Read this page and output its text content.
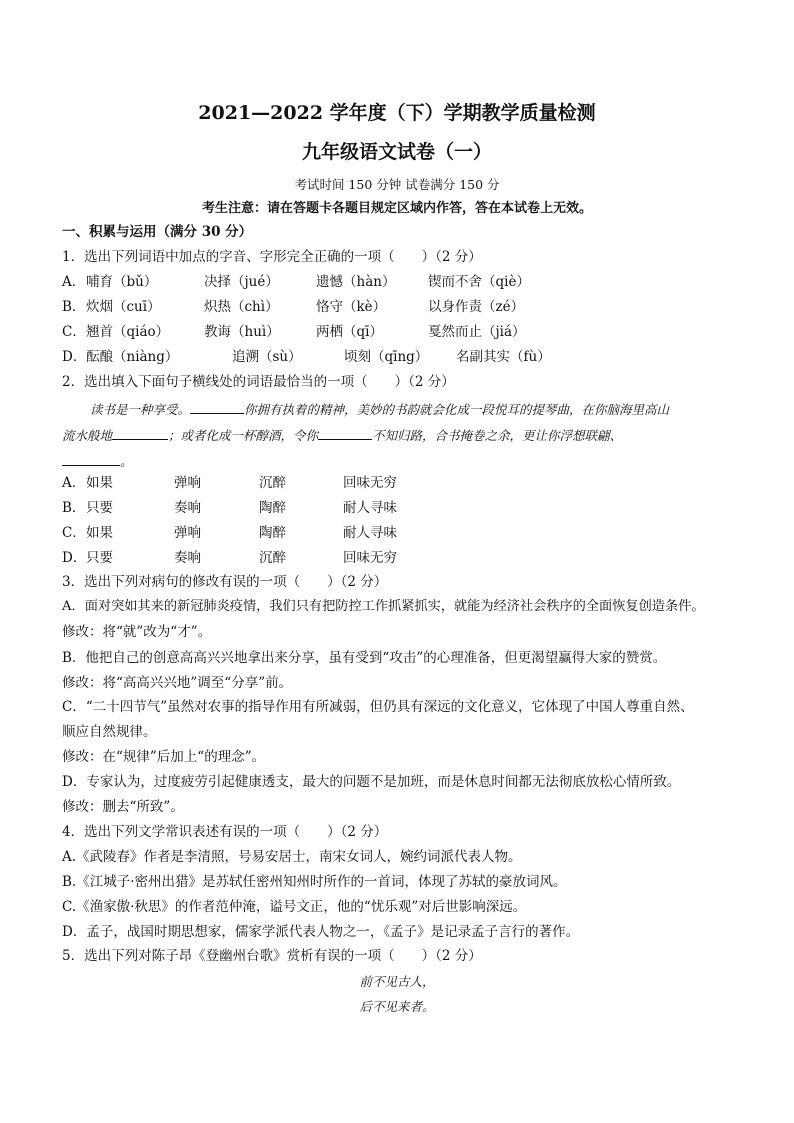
2021—2022 学年度（下）学期教学质量检测
九年级语文试卷（一）
考试时间 150 分钟 试卷满分 150 分
考生注意：请在答题卡各题目规定区域内作答，答在本试卷上无效。
一、积累与运用（满分 30 分）
1．选出下列词语中加点的字音、字形完全正确的一项（　　）（2 分）
A． 哺育（bǔ）	决择（jué）	遗憾（hàn） 锲而不舍（qiè）
B． 炊烟（cuī）	炽热（chì）	恪守（kè）	以身作责（zé）
C． 翘首（qiáo）	教诲（huì）	两栖（qī）	戛然而止（jiá）
D． 酝酿（niàng）	追溯（sù）	顷刻（qīng） 名副其实（fù）
2．选出填入下面句子横线处的词语最恰当的一项（　　）（2 分）
读书是一种享受。	你拥有执着的精神，美妙的书韵就会化成一段悦耳的提琴曲，在你脑海里高山
流水般地	；或者化成一杯醇酒，令你	不知归路，合书掩卷之余，更让你浮想联翩、
。
A． 如果	弹响	沉醉	回味无穷
B． 只要	奏响	陶醉	耐人寻味
C． 如果	弹响	陶醉	耐人寻味
D． 只要	奏响	沉醉	回味无穷
3．选出下列对病句的修改有误的一项（　　）（2 分）
A．面对突如其来的新冠肺炎疫情，我们只有把防控工作抓紧抓实，就能为经济社会秩序的全面恢复创造条件。
修改：将“就”改为“才”。
B．他把自己的创意高高兴兴地拿出来分享，虽有受到“攻击”的心理准备，但更渴望赢得大家的赞赏。
修改：将“高高兴兴地”调至“分享”前。
C．“二十四节气”虽然对农事的指导作用有所减弱，但仍具有深远的文化意义，它体现了中国人尊重自然、
顺应自然规律。
修改：在“规律”后加上“的理念”。
D．专家认为，过度疲劳引起健康透支，最大的问题不是加班，而是休息时间都无法彻底放松心情所致。
修改：删去“所致”。
4．选出下列文学常识表述有误的一项（　　）（2 分）
A.《武陵春》作者是李清照，号易安居士，南宋女词人，婉约词派代表人物。
B.《江城子·密州出猎》是苏轼任密州知州时所作的一首词，体现了苏轼的豪放词风。
C.《渔家傲·秋思》的作者范仲淹，谥号文正，他的“忧乐观”对后世影响深远。
D．孟子，战国时期思想家，儒家学派代表人物之一，《孟子》是记录孟子言行的著作。
5．选出下列对陈子昂《登幽州台歌》赏析有误的一项（　　）（2 分）
前不见古人，
后不见来者。
